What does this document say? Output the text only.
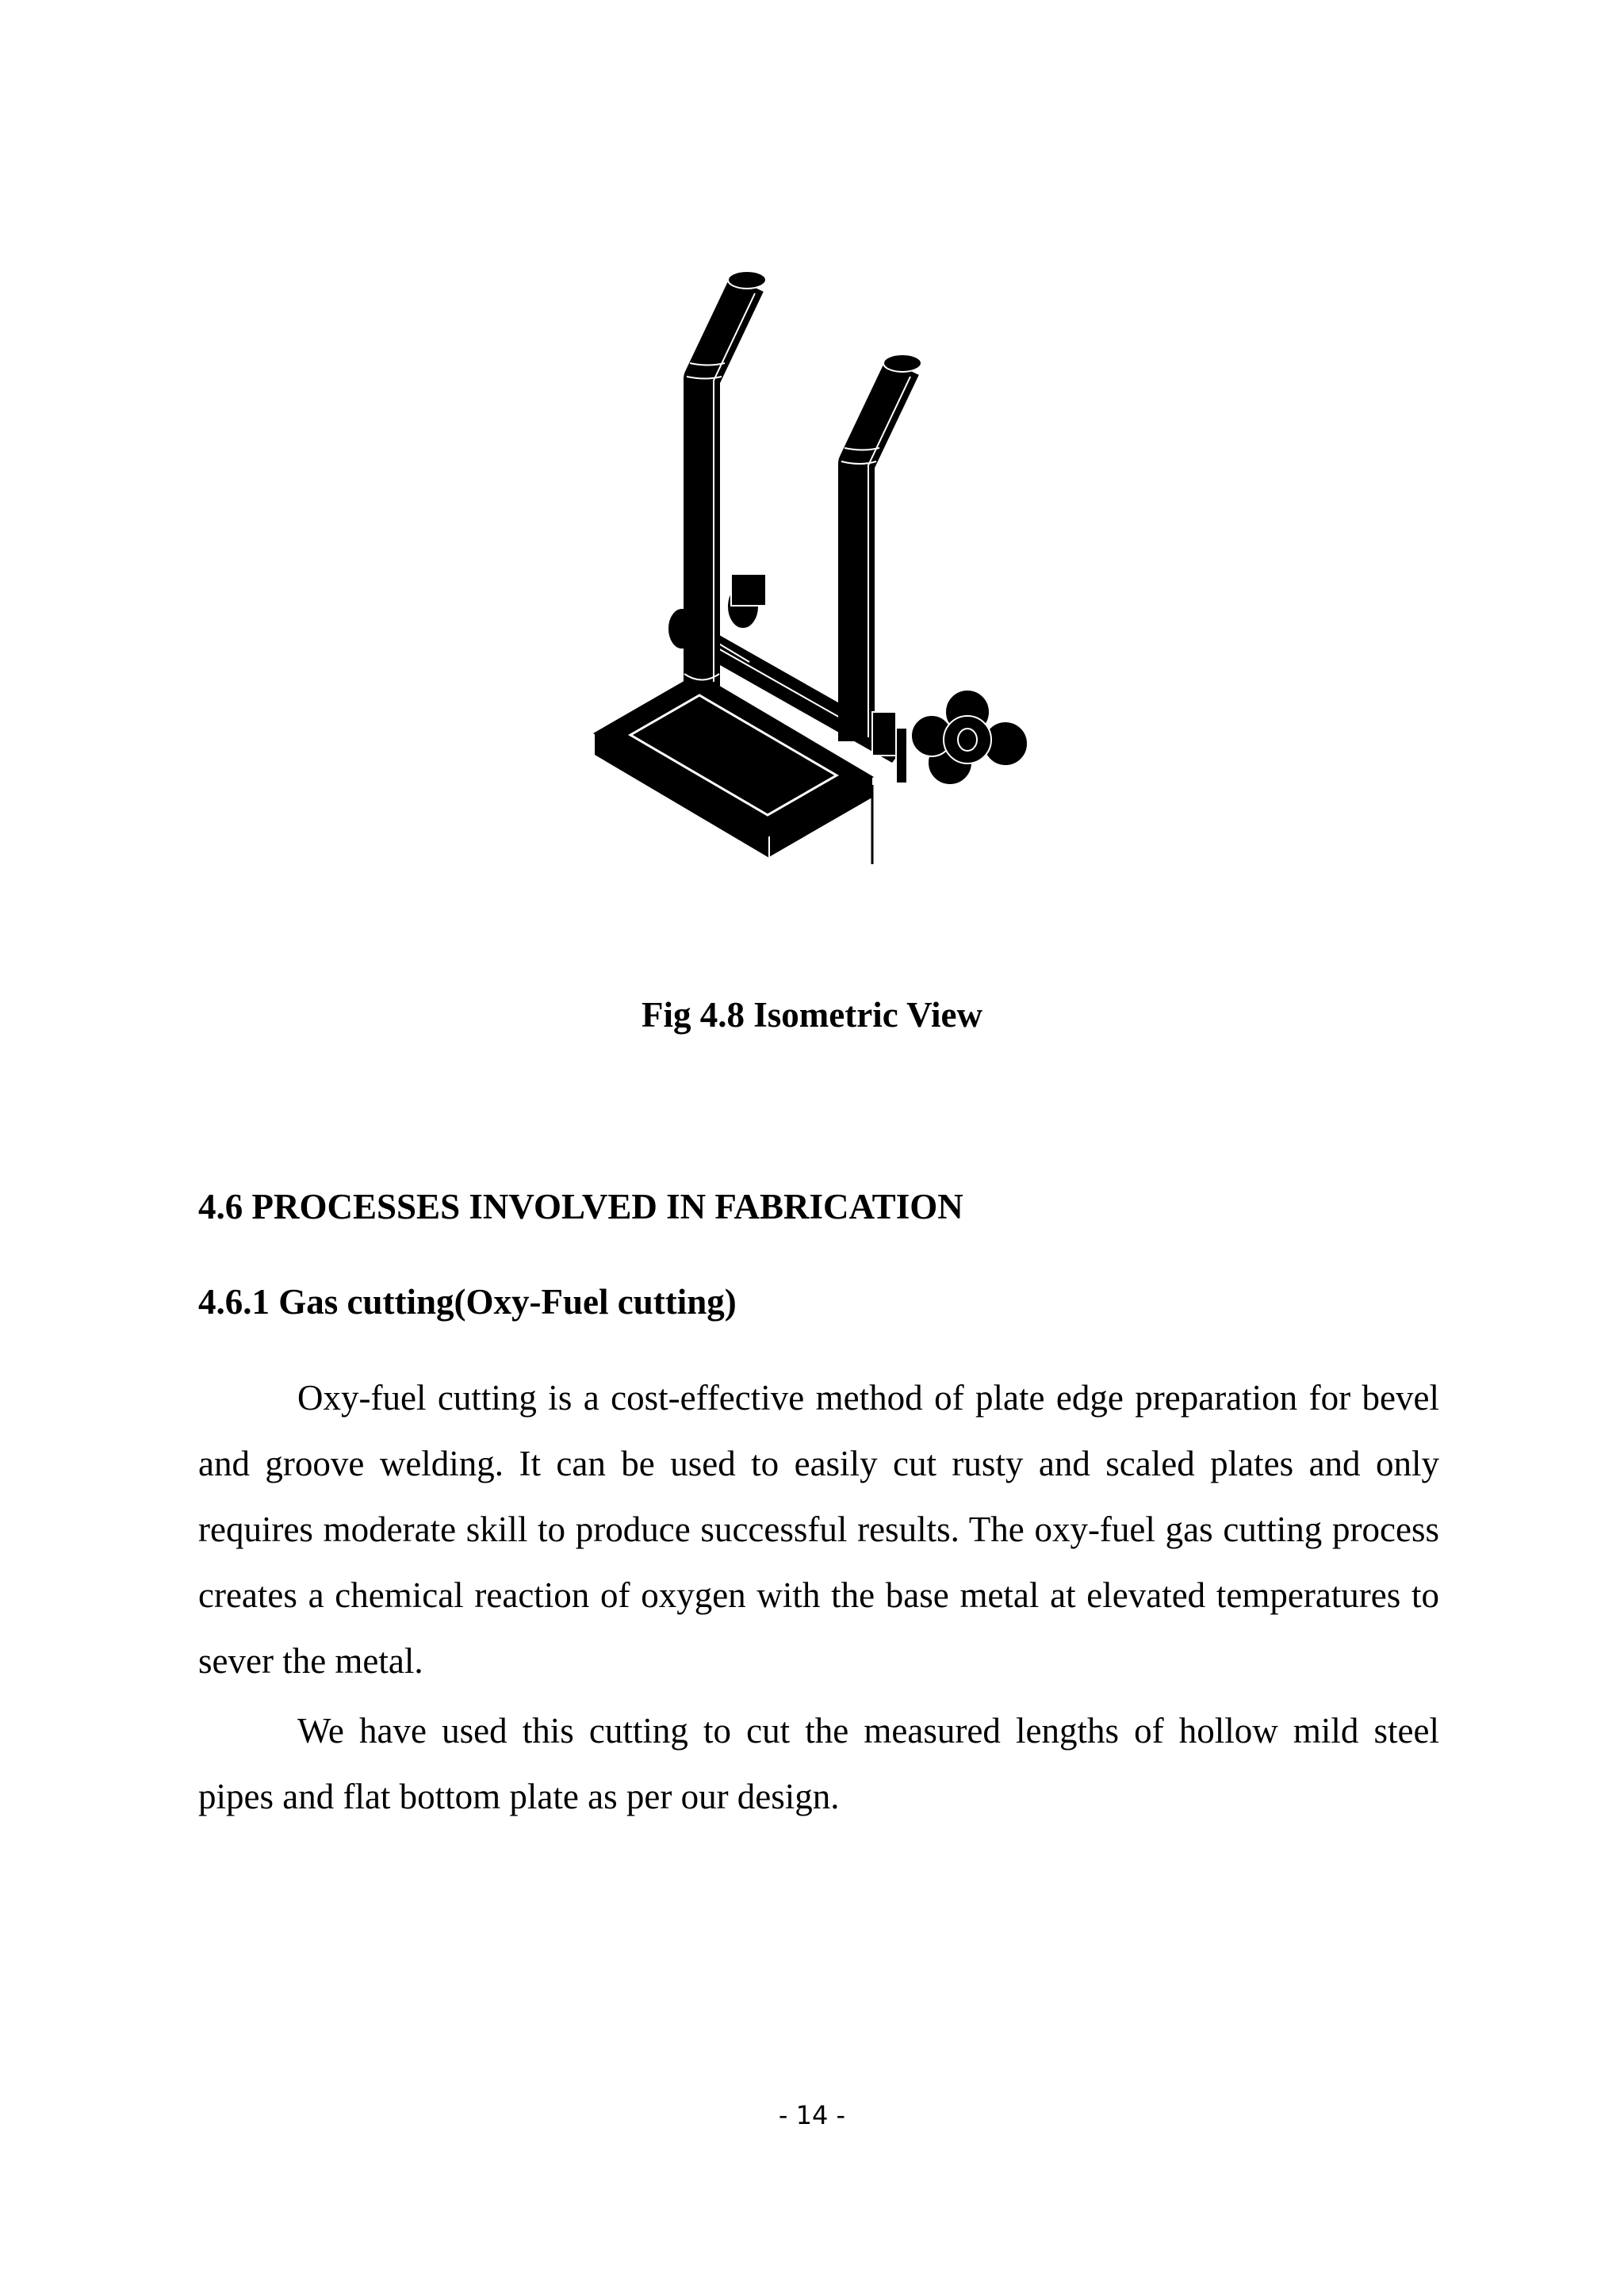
Fig 4.8 Isometric View
4.6 PROCESSES INVOLVED IN FABRICATION
4.6.1 Gas cutting(Oxy-Fuel cutting)

Oxy-fuel cutting is a cost-effective method of plate edge preparation for bevel and groove welding. It can be used to easily cut rusty and scaled plates and only requires moderate skill to produce successful results. The oxy-fuel gas cutting process creates a chemical reaction of oxygen with the base metal at elevated temperatures to sever the metal.

We have used this cutting to cut the measured lengths of hollow mild steel pipes and flat bottom plate as per our design.

- 14 -
